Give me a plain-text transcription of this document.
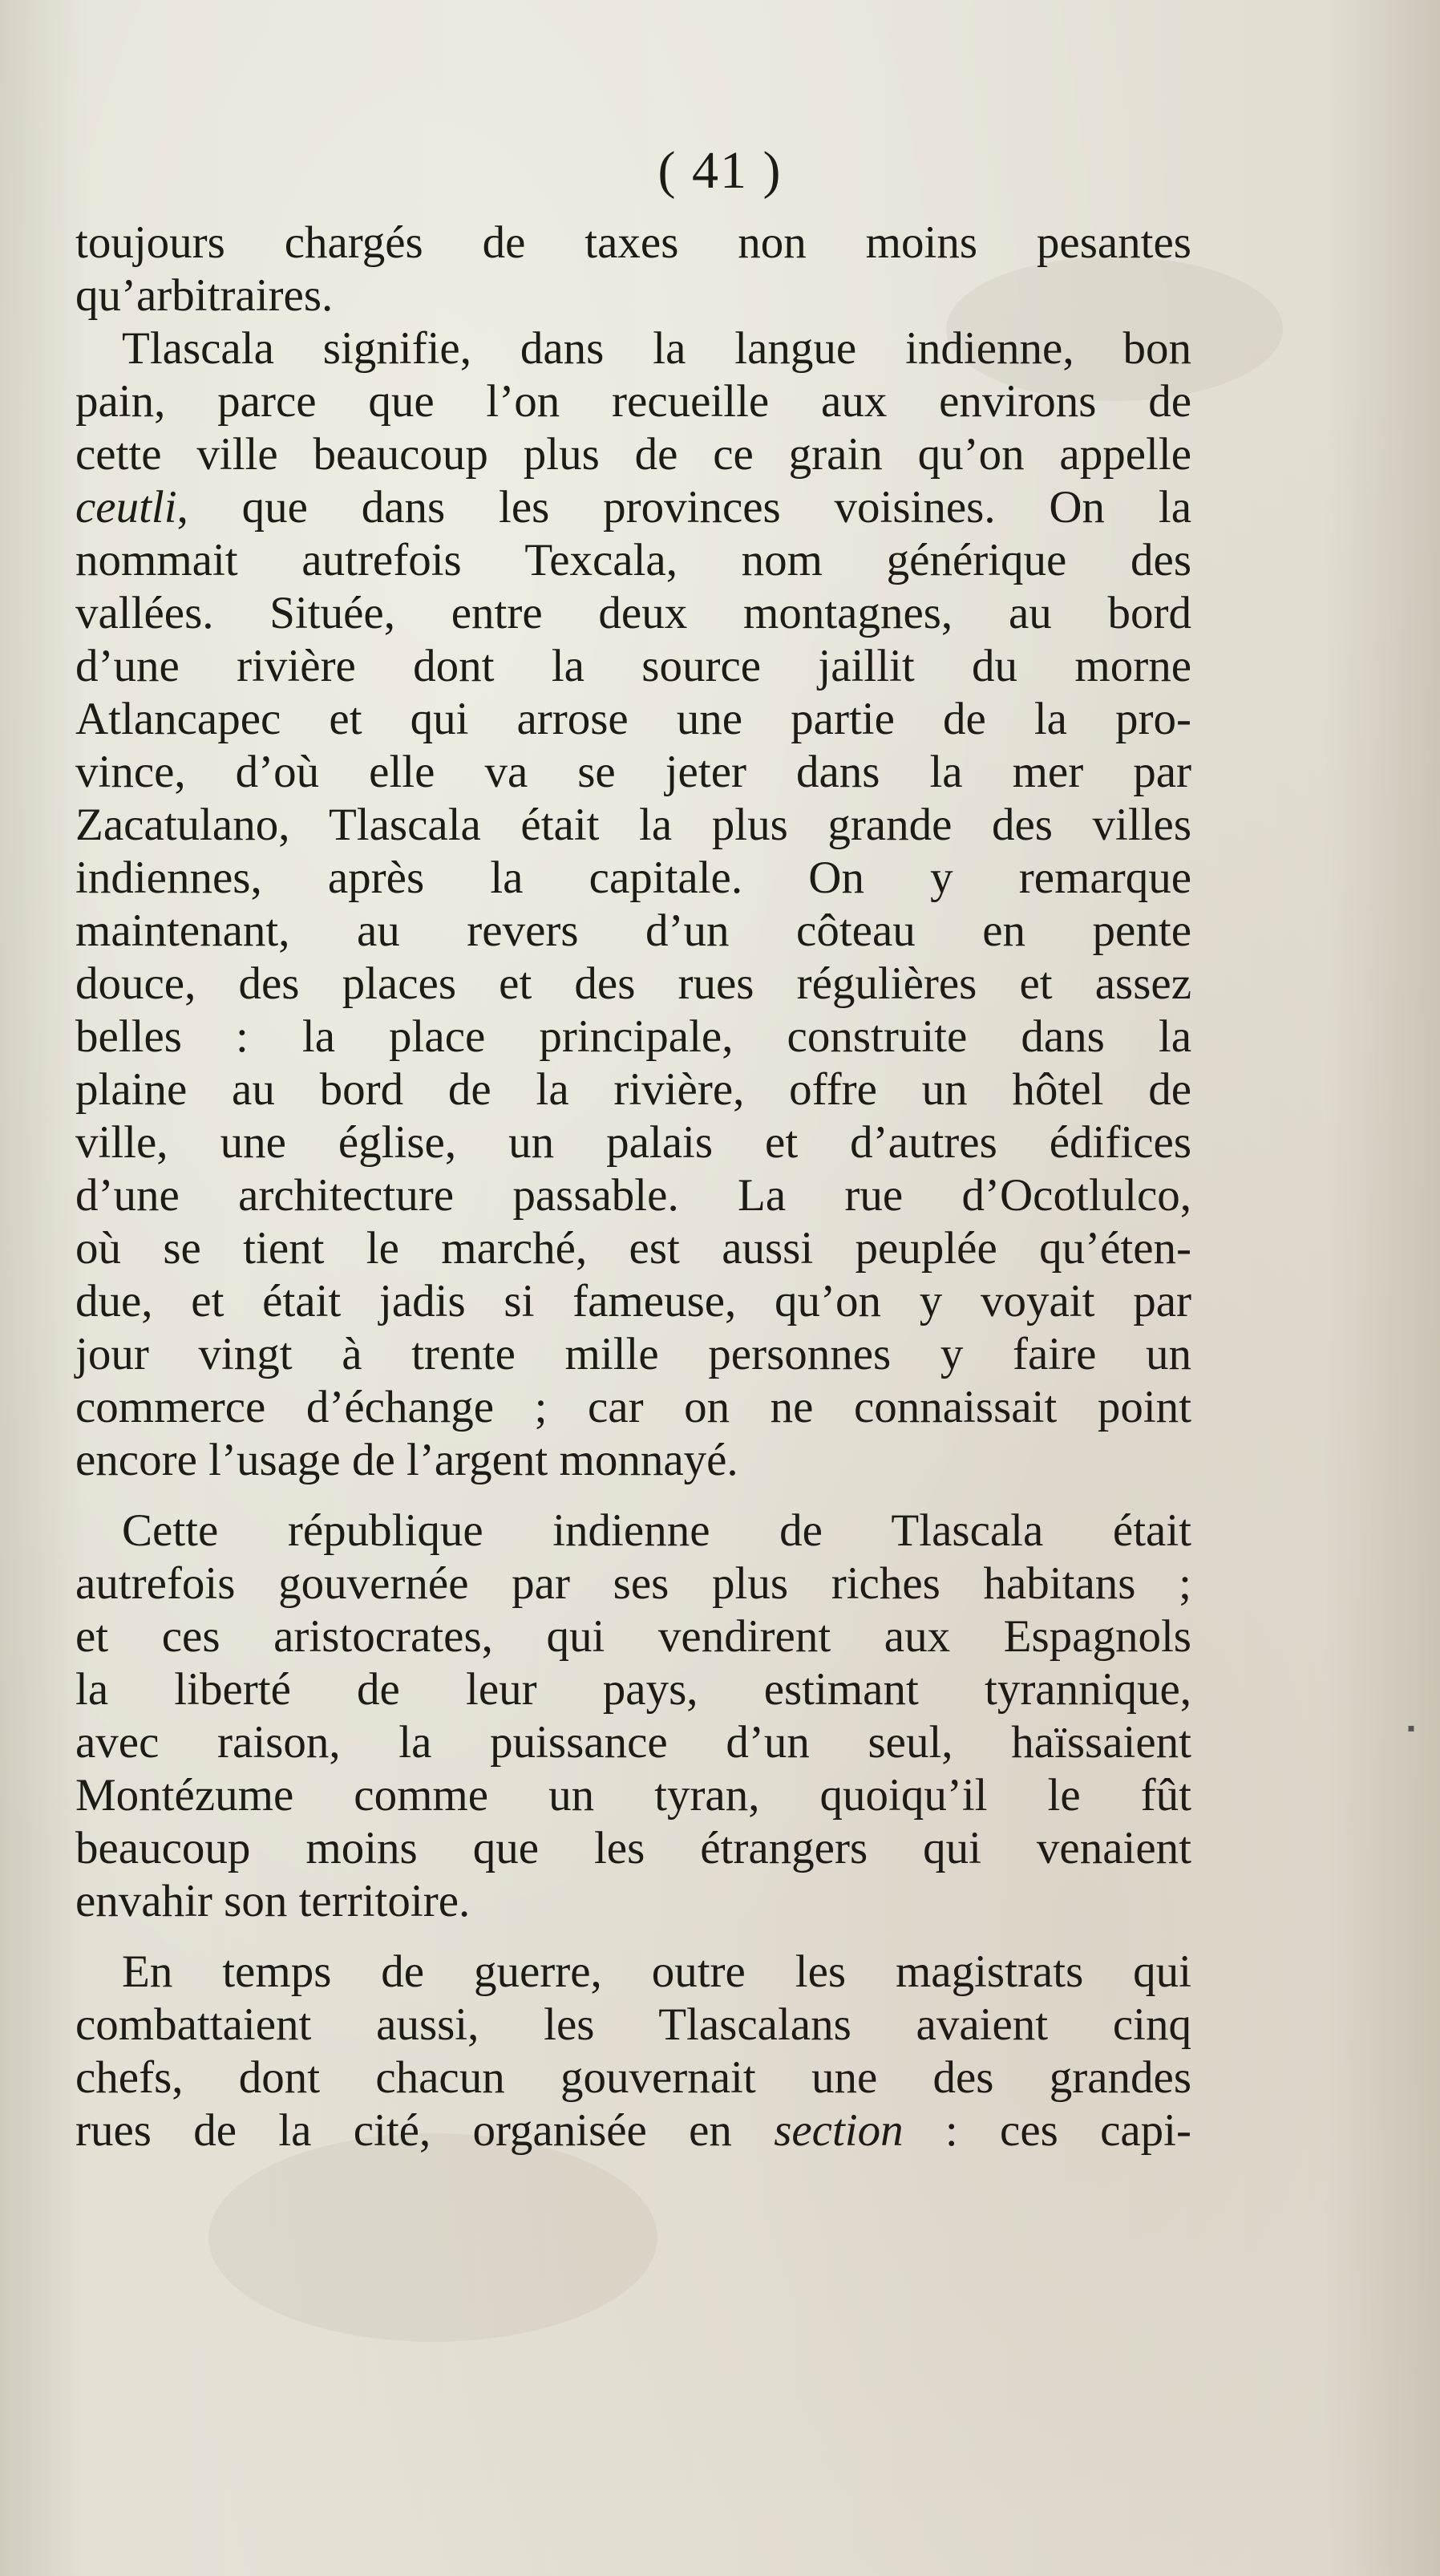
▪
( 41 )
toujours chargés de taxes non moins pesantes
qu’arbitraires.
Tlascala signifie, dans la langue indienne, bon
pain, parce que l’on recueille aux environs de
cette ville beaucoup plus de ce grain qu’on appelle
ceutli, que dans les provinces voisines. On la
nommait autrefois Texcala, nom générique des
vallées. Située, entre deux montagnes, au bord
d’une rivière dont la source jaillit du morne
Atlancapec et qui arrose une partie de la pro-
vince, d’où elle va se jeter dans la mer par
Zacatulano, Tlascala était la plus grande des villes
indiennes, après la capitale. On y remarque
maintenant, au revers d’un côteau en pente
douce, des places et des rues régulières et assez
belles : la place principale, construite dans la
plaine au bord de la rivière, offre un hôtel de
ville, une église, un palais et d’autres édifices
d’une architecture passable. La rue d’Ocotlulco,
où se tient le marché, est aussi peuplée qu’éten-
due, et était jadis si fameuse, qu’on y voyait par
jour vingt à trente mille personnes y faire un
commerce d’échange ; car on ne connaissait point
encore l’usage de l’argent monnayé.
Cette république indienne de Tlascala était
autrefois gouvernée par ses plus riches habitans ;
et ces aristocrates, qui vendirent aux Espagnols
la liberté de leur pays, estimant tyrannique,
avec raison, la puissance d’un seul, haïssaient
Montézume comme un tyran, quoiqu’il le fût
beaucoup moins que les étrangers qui venaient
envahir son territoire.
En temps de guerre, outre les magistrats qui
combattaient aussi, les Tlascalans avaient cinq
chefs, dont chacun gouvernait une des grandes
rues de la cité, organisée en section : ces capi-
